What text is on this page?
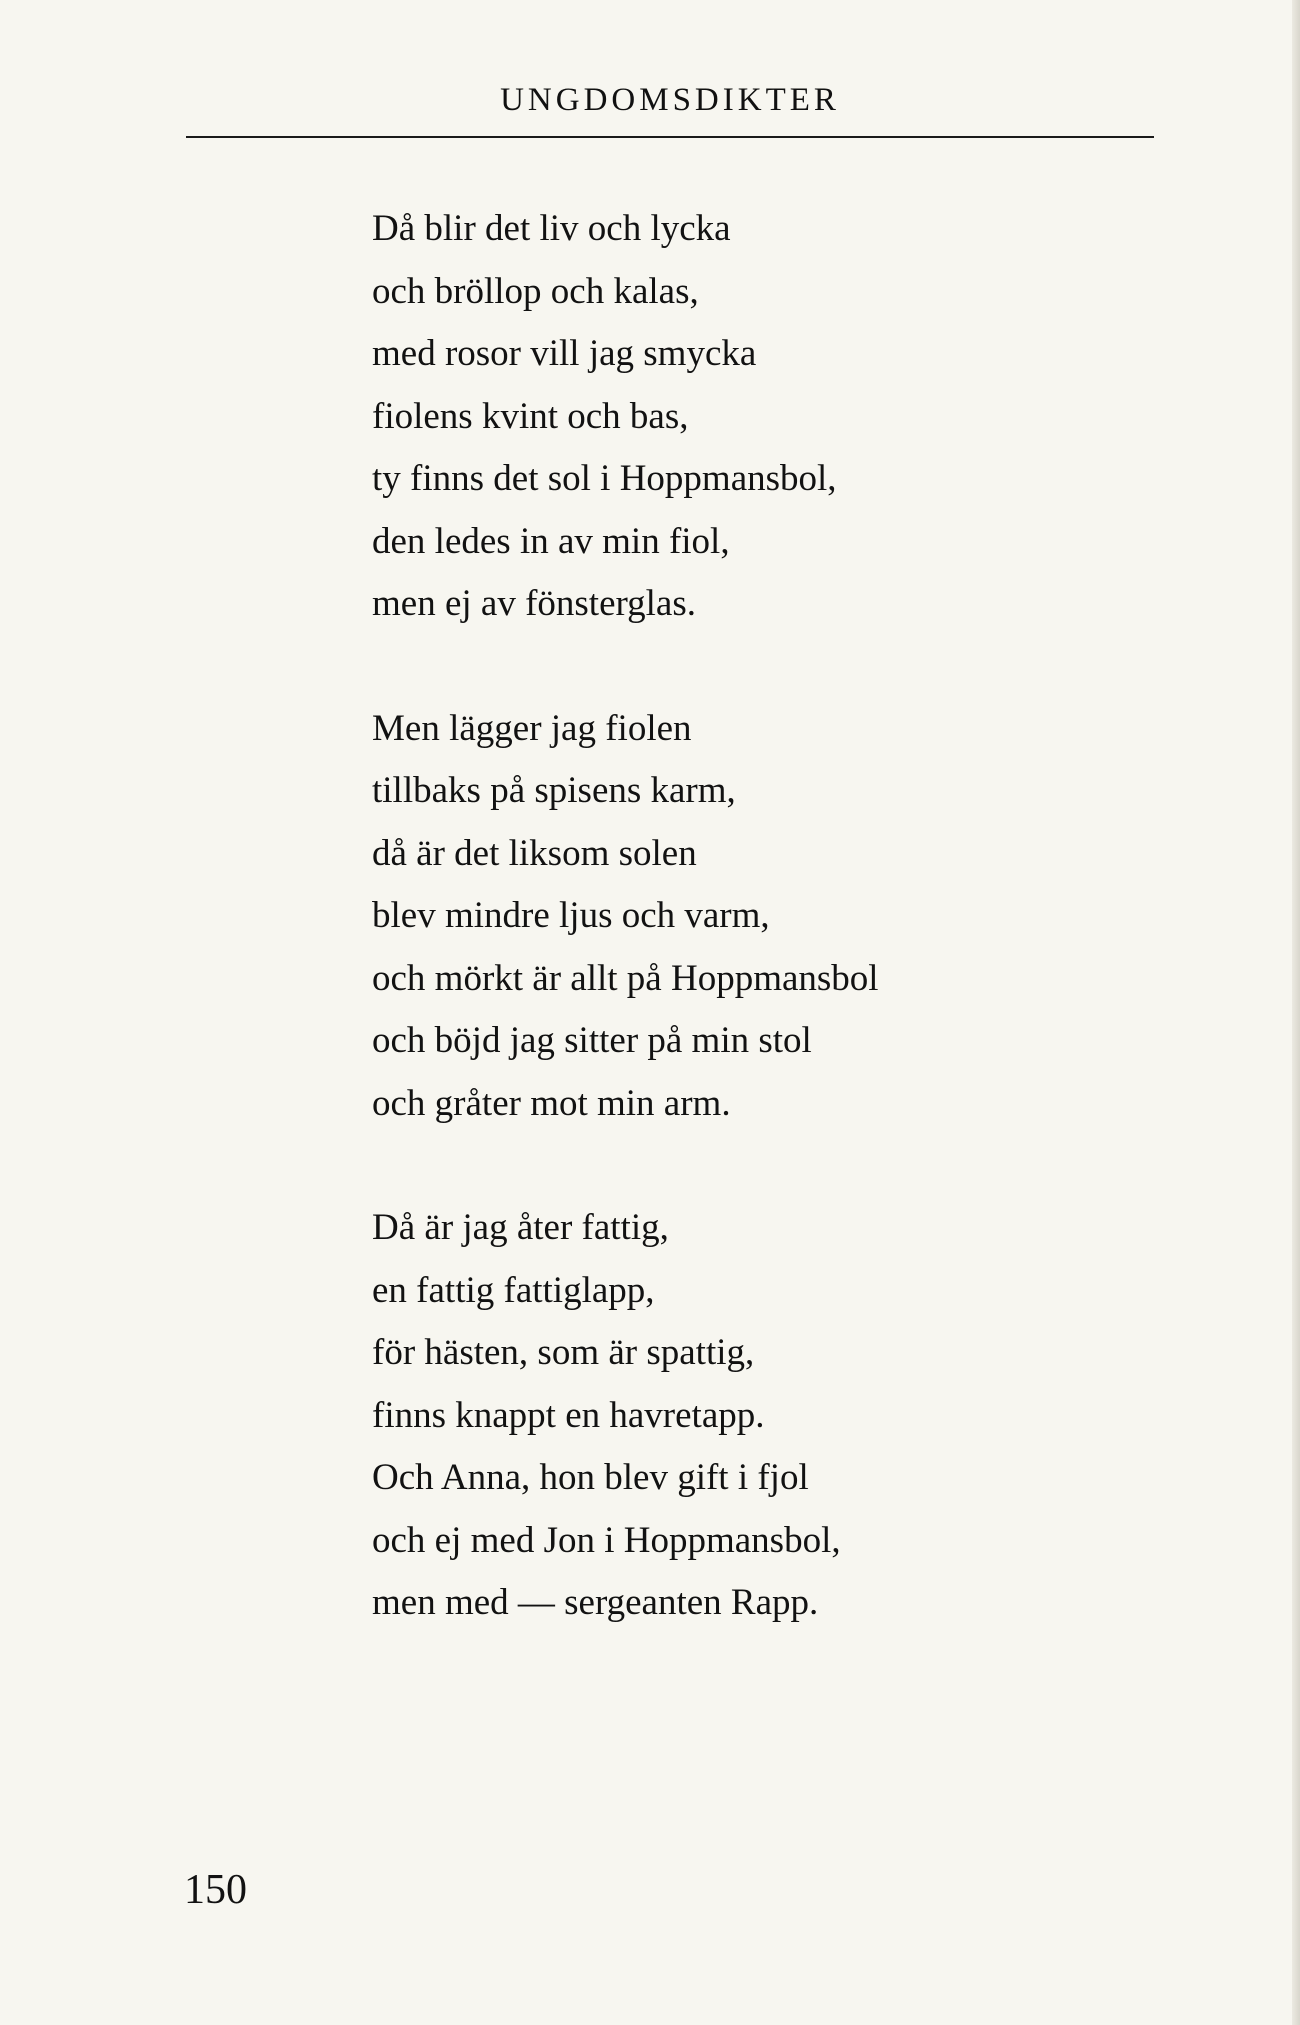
UNGDOMSDIKTER
Då blir det liv och lycka
och bröllop och kalas,
med rosor vill jag smycka
fiolens kvint och bas,
ty finns det sol i Hoppmansbol,
den ledes in av min fiol,
men ej av fönsterglas.
Men lägger jag fiolen
tillbaks på spisens karm,
då är det liksom solen
blev mindre ljus och varm,
och mörkt är allt på Hoppmansbol
och böjd jag sitter på min stol
och gråter mot min arm.
Då är jag åter fattig,
en fattig fattiglapp,
för hästen, som är spattig,
finns knappt en havretapp.
Och Anna, hon blev gift i fjol
och ej med Jon i Hoppmansbol,
men med — sergeanten Rapp.
150
